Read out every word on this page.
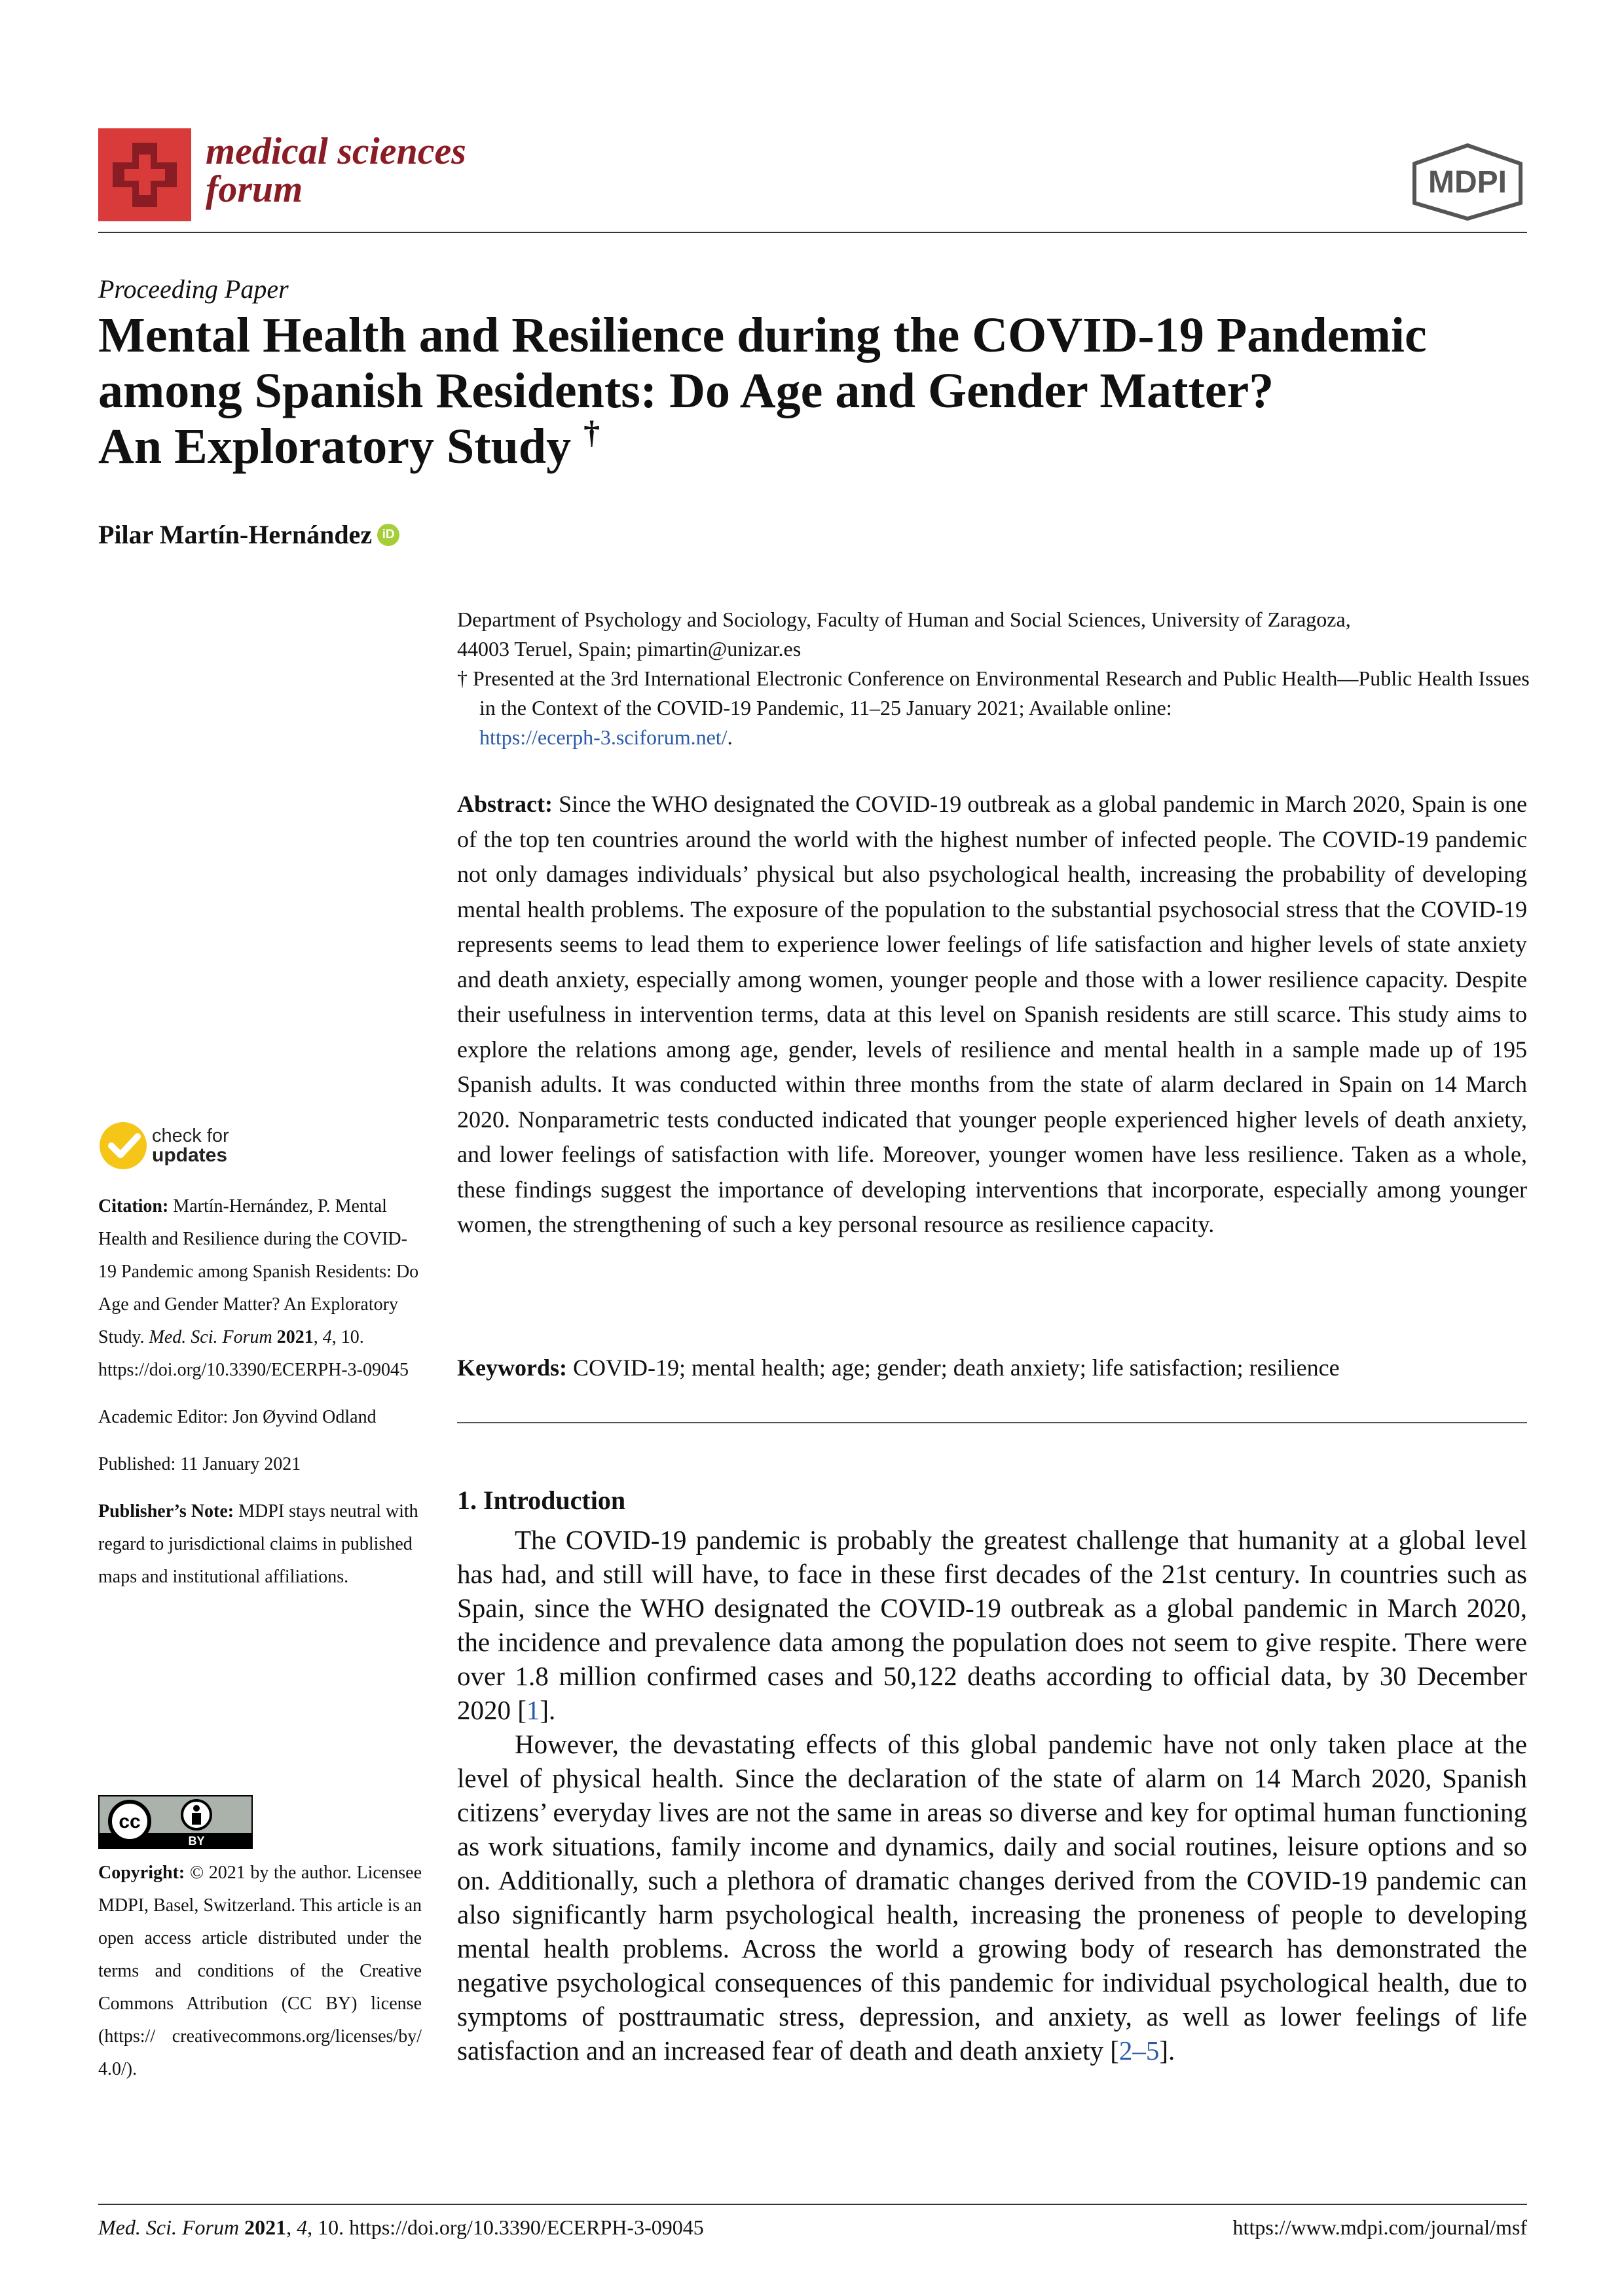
medical sciences
forum	MDPI
Proceeding Paper
Mental Health and Resilience during the COVID-19 Pandemic
among Spanish Residents: Do Age and Gender Matter?
An Exploratory Study †
Pilar Martín-Hernández iD
Department of Psychology and Sociology, Faculty of Human and Social Sciences, University of Zaragoza,
44003 Teruel, Spain; pimartin@unizar.es
† Presented at the 3rd International Electronic Conference on Environmental Research and Public Health—Public Health Issues in the Context of the COVID-19 Pandemic, 11–25 January 2021; Available online:
https://ecerph-3.sciforum.net/.
Abstract: Since the WHO designated the COVID-19 outbreak as a global pandemic in March 2020, Spain is one of the top ten countries around the world with the highest number of infected people. The COVID-19 pandemic not only damages individuals’ physical but also psychological health, increasing the probability of developing mental health problems. The exposure of the population to the substantial psychosocial stress that the COVID-19 represents seems to lead them to experience lower feelings of life satisfaction and higher levels of state anxiety and death anxiety, especially among women, younger people and those with a lower resilience capacity. Despite their usefulness in intervention terms, data at this level on Spanish residents are still scarce. This study aims to explore the relations among age, gender, levels of resilience and mental health in a sample made up of 195 Spanish adults. It was conducted within three months from the state of alarm declared in Spain on 14 March 2020. Nonparametric tests conducted indicated that younger people experienced higher levels of death anxiety, and lower feelings of satisfaction with life. Moreover, younger women have less resilience. Taken as a whole, these findings suggest the importance of developing interventions that incorporate, especially among younger women, the strengthening of such a key personal resource as resilience capacity.
Keywords: COVID-19; mental health; age; gender; death anxiety; life satisfaction; resilience
1. Introduction

The COVID-19 pandemic is probably the greatest challenge that humanity at a global level has had, and still will have, to face in these first decades of the 21st century. In countries such as Spain, since the WHO designated the COVID-19 outbreak as a global pandemic in March 2020, the incidence and prevalence data among the population does not seem to give respite. There were over 1.8 million confirmed cases and 50,122 deaths according to official data, by 30 December 2020 [1].

However, the devastating effects of this global pandemic have not only taken place at the level of physical health. Since the declaration of the state of alarm on 14 March 2020, Spanish citizens’ everyday lives are not the same in areas so diverse and key for optimal human functioning as work situations, family income and dynamics, daily and social routines, leisure options and so on. Additionally, such a plethora of dramatic changes derived from the COVID-19 pandemic can also significantly harm psychological health, increasing the proneness of people to developing mental health problems. Across the world a growing body of research has demonstrated the negative psychological consequences of this pandemic for individual psychological health, due to symptoms of posttraumatic stress, depression, and anxiety, as well as lower feelings of life satisfaction and an increased fear of death and death anxiety [2–5].

check for
updates

Citation: Martín-Hernández, P. Mental Health and Resilience during the COVID-19 Pandemic among Spanish Residents: Do Age and Gender Matter? An Exploratory Study. Med. Sci. Forum 2021, 4, 10. https://doi.org/10.3390/ECERPH-3-09045

Academic Editor: Jon Øyvind Odland

Published: 11 January 2021

Publisher’s Note: MDPI stays neutral with regard to jurisdictional claims in published maps and institutional affiliations.

cc
BY
Copyright: © 2021 by the author. Licensee MDPI, Basel, Switzerland. This article is an open access article distributed under the terms and conditions of the Creative Commons Attribution (CC BY) license (https:// creativecommons.org/licenses/by/ 4.0/).
Med. Sci. Forum 2021, 4, 10. https://doi.org/10.3390/ECERPH-3-09045	https://www.mdpi.com/journal/msf
